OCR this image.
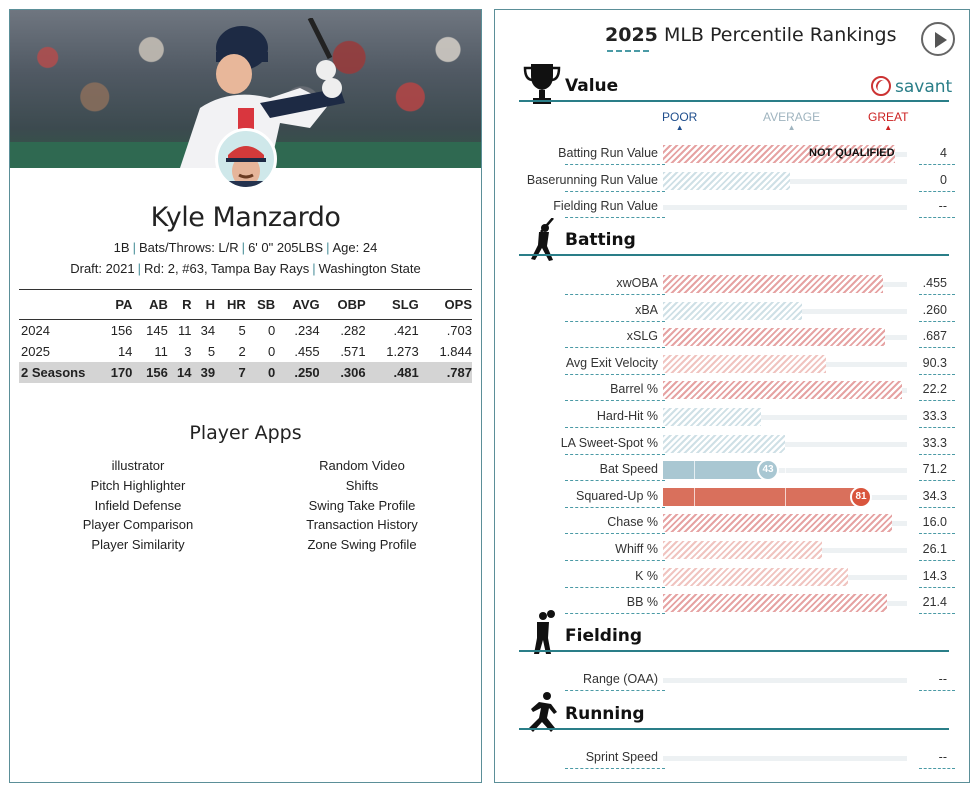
Kyle Manzardo
1B | Bats/Throws: L/R | 6' 0" 205LBS | Age: 24
Draft: 2021 | Rd: 2, #63, Tampa Bay Rays | Washington State
	PA	AB	R	H	HR	SB	AVG	OBP	SLG	OPS
2024	156	145	11	34	5	0	.234	.282	.421	.703
2025	14	11	3	5	2	0	.455	.571	1.273	1.844
2 Seasons	170	156	14	39	7	0	.250	.306	.481	.787
Player Apps
illustrator
Pitch Highlighter
Infield Defense
Player Comparison
Player Similarity
Random Video
Shifts
Swing Take Profile
Transaction History
Zone Swing Profile
2025 MLB Percentile Rankings
Value	savant
POOR
▲
AVERAGE
▲
GREAT
▲
Batting Run Value	NOT QUALIFIED	4
Baserunning Run Value	0
Fielding Run Value	--
Batting
xwOBA	.455
xBA	.260
xSLG	.687
Avg Exit Velocity	90.3
Barrel %	22.2
Hard-Hit %	33.3
LA Sweet-Spot %	33.3
Bat Speed	43	71.2
Squared-Up %	81	34.3
Chase %	16.0
Whiff %	26.1
K %	14.3
BB %	21.4
Fielding
Range (OAA)	--
Running
Sprint Speed	--
